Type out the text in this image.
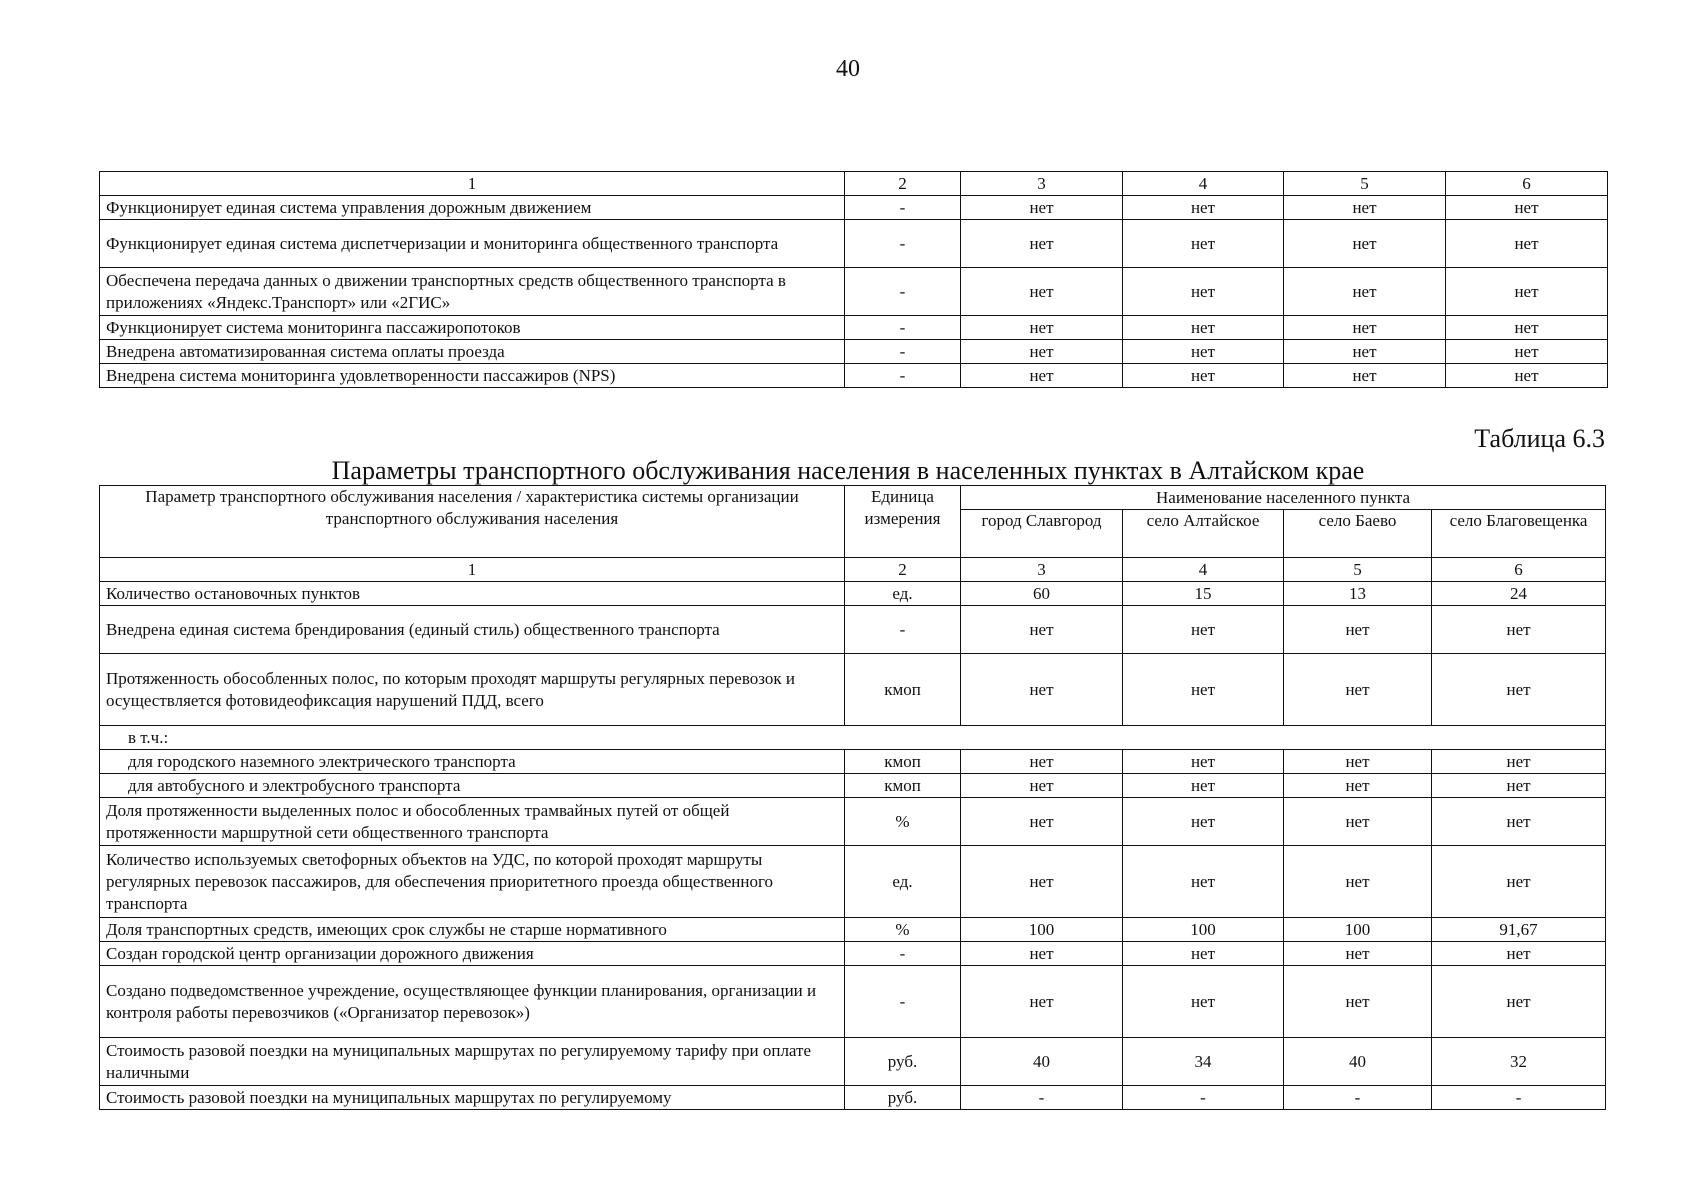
40
1	2	3	4	5	6
Функционирует единая система управления дорожным движением	-	нет	нет	нет	нет
Функционирует единая система диспетчеризации и мониторинга общественного транспорта	-	нет	нет	нет	нет
Обеспечена передача данных о движении транспортных средств общественного транспорта в приложениях «Яндекс.Транспорт» или «2ГИС»	-	нет	нет	нет	нет
Функционирует система мониторинга пассажиропотоков	-	нет	нет	нет	нет
Внедрена автоматизированная система оплаты проезда	-	нет	нет	нет	нет
Внедрена система мониторинга удовлетворенности пассажиров (NPS)	-	нет	нет	нет	нет
Таблица 6.3
Параметры транспортного обслуживания населения в населенных пунктах в Алтайском крае
Параметр транспортного обслуживания населения / характеристика системы организации транспортного обслуживания населения	Единица измерения	Наименование населенного пункта			
		город Славгород	село Алтайское	село Баево	село Благовещенка
1	2	3	4	5	6
Количество остановочных пунктов	ед.	60	15	13	24
Внедрена единая система брендирования (единый стиль) общественного транспорта	-	нет	нет	нет	нет
Протяженность обособленных полос, по которым проходят маршруты регулярных перевозок и осуществляется фотовидеофиксация нарушений ПДД, всего	кмоп	нет	нет	нет	нет
в т.ч.:					
для городского наземного электрического транспорта	кмоп	нет	нет	нет	нет
для автобусного и электробусного транспорта	кмоп	нет	нет	нет	нет
Доля протяженности выделенных полос и обособленных трамвайных путей от общей протяженности маршрутной сети общественного транспорта	%	нет	нет	нет	нет
Количество используемых светофорных объектов на УДС, по которой проходят маршруты регулярных перевозок пассажиров, для обеспечения приоритетного проезда общественного транспорта	ед.	нет	нет	нет	нет
Доля транспортных средств, имеющих срок службы не старше нормативного	%	100	100	100	91,67
Создан городской центр организации дорожного движения	-	нет	нет	нет	нет
Создано подведомственное учреждение, осуществляющее функции планирования, организации и контроля работы перевозчиков («Организатор перевозок»)	-	нет	нет	нет	нет
Стоимость разовой поездки на муниципальных маршрутах по регулируемому тарифу при оплате наличными	руб.	40	34	40	32
Стоимость разовой поездки на муниципальных маршрутах по регулируемому	руб.	-	-	-	-
